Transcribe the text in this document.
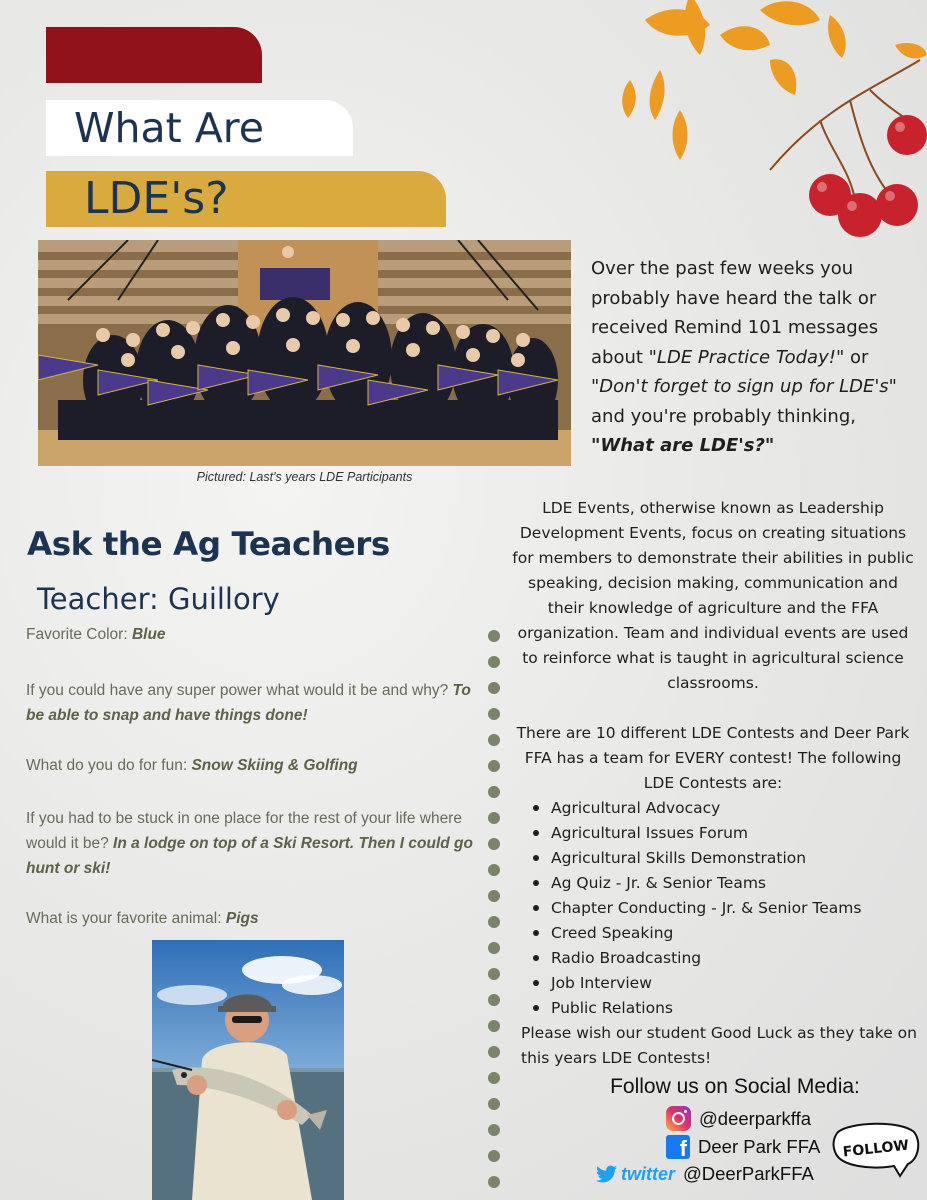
What Are
LDE's?
Pictured: Last's years LDE Participants

Over the past few weeks you

probably have heard the talk or

received Remind 101 messages

about "LDE Practice Today!" or

"Don't forget to sign up for LDE's"

and you're probably thinking,

"What are LDE's?"

Ask the Ag Teachers
Teacher: Guillory
Favorite Color: Blue
If you could have any super power what would it be and why? To be able to snap and have things done!
What do you do for fun: Snow Skiing & Golfing
If you had to be stuck in one place for the rest of your life where would it be? In a lodge on top of a Ski Resort. Then I could go hunt or ski!
What is your favorite animal: Pigs

LDE Events, otherwise known as Leadership Development Events, focus on creating situations for members to demonstrate their abilities in public speaking, decision making, communication and their knowledge of agriculture and the FFA organization. Team and individual events are used to reinforce what is taught in agricultural science classrooms.

There are 10 different LDE Contests and Deer Park FFA has a team for EVERY contest! The following LDE Contests are:

Agricultural Advocacy
Agricultural Issues Forum
Agricultural Skills Demonstration
Ag Quiz - Jr. & Senior Teams
Chapter Conducting - Jr. & Senior Teams
Creed Speaking
Radio Broadcasting
Job Interview
Public Relations

Please wish our student Good Luck as they take on this years LDE Contests!

Follow us on Social Media:
@deerparkffa
f Deer Park FFA
twitter @DeerParkFFA
FOLLOW
